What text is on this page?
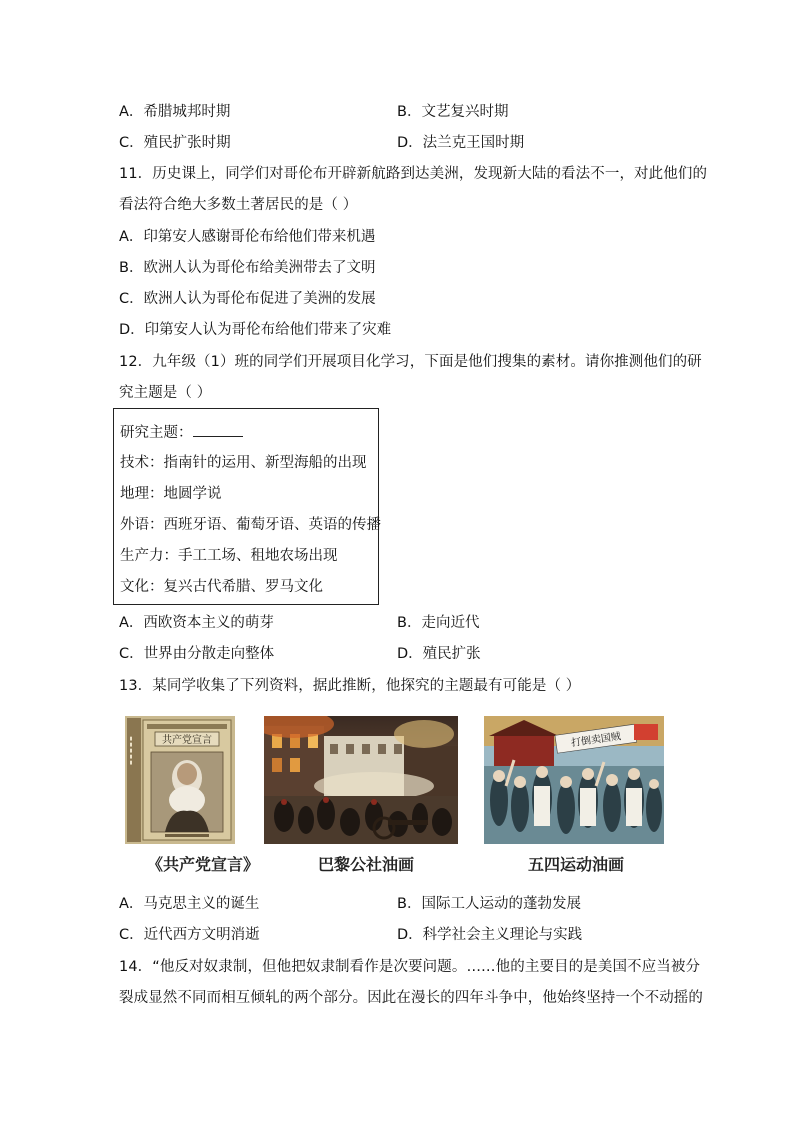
A．希腊城邦时期	B．文艺复兴时期
C．殖民扩张时期	D．法兰克王国时期
11．历史课上，同学们对哥伦布开辟新航路到达美洲，发现新大陆的看法不一，对此他们的
看法符合绝大多数土著居民的是（ ）
A．印第安人感谢哥伦布给他们带来机遇
B．欧洲人认为哥伦布给美洲带去了文明
C．欧洲人认为哥伦布促进了美洲的发展
D．印第安人认为哥伦布给他们带来了灾难
12．九年级（1）班的同学们开展项目化学习，下面是他们搜集的素材。请你推测他们的研
究主题是（ ）
研究主题：
技术：指南针的运用、新型海船的出现
地理：地圆学说
外语：西班牙语、葡萄牙语、英语的传播
生产力：手工工场、租地农场出现
文化：复兴古代希腊、罗马文化
A．西欧资本主义的萌芽	B．走向近代
C．世界由分散走向整体	D．殖民扩张
13．某同学收集了下列资料，据此推断，他探究的主题最有可能是（ ）
共产党宣言
▮▮▮▮▮
《共产党宣言》	巴黎公社油画
打倒卖国贼
五四运动油画
A．马克思主义的诞生	B．国际工人运动的蓬勃发展
C．近代西方文明消逝	D．科学社会主义理论与实践
14．“他反对奴隶制，但他把奴隶制看作是次要问题。……他的主要目的是美国不应当被分
裂成显然不同而相互倾轧的两个部分。因此在漫长的四年斗争中，他始终坚持一个不动摇的
